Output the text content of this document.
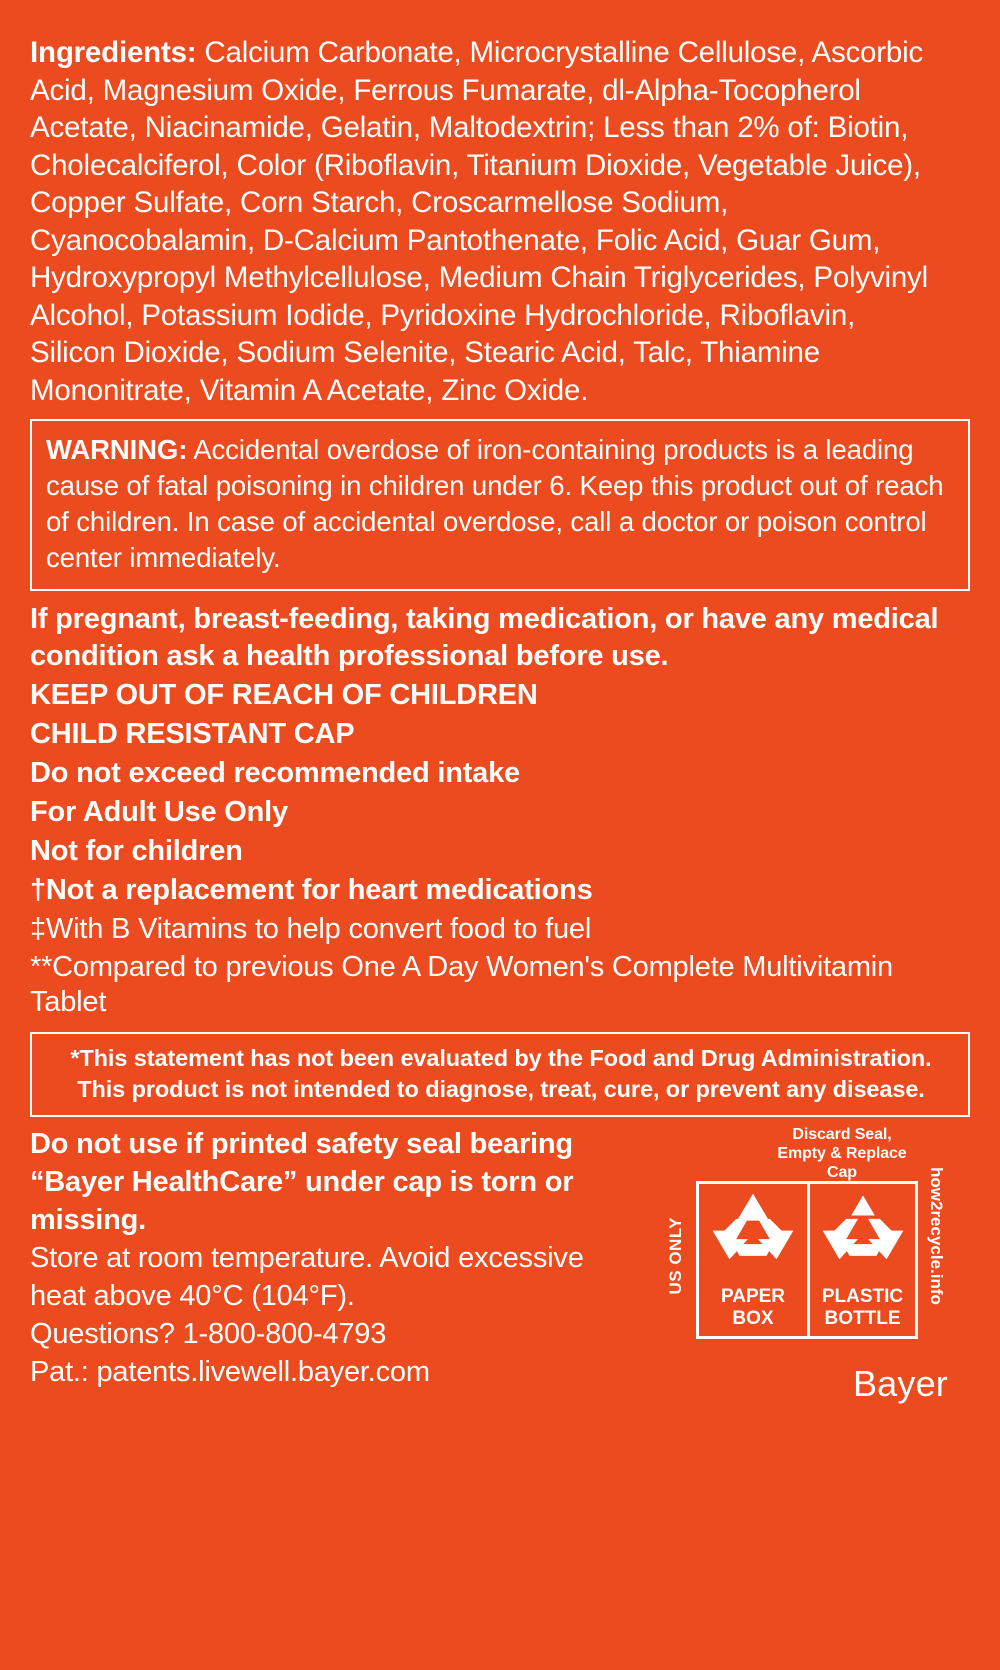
Ingredients: Calcium Carbonate, Microcrystalline Cellulose, Ascorbic Acid, Magnesium Oxide, Ferrous Fumarate, dl-Alpha-Tocopherol Acetate, Niacinamide, Gelatin, Maltodextrin; Less than 2% of: Biotin, Cholecalciferol, Color (Riboflavin, Titanium Dioxide, Vegetable Juice), Copper Sulfate, Corn Starch, Croscarmellose Sodium, Cyanocobalamin, D-Calcium Pantothenate, Folic Acid, Guar Gum, Hydroxypropyl Methylcellulose, Medium Chain Triglycerides, Polyvinyl Alcohol, Potassium Iodide, Pyridoxine Hydrochloride, Riboflavin, Silicon Dioxide, Sodium Selenite, Stearic Acid, Talc, Thiamine Mononitrate, Vitamin A Acetate, Zinc Oxide.

WARNING: Accidental overdose of iron-containing products is a leading cause of fatal poisoning in children under 6. Keep this product out of reach of children. In case of accidental overdose, call a doctor or poison control center immediately.

If pregnant, breast-feeding, taking medication, or have any medical condition ask a health professional before use.

KEEP OUT OF REACH OF CHILDREN

CHILD RESISTANT CAP

Do not exceed recommended intake

For Adult Use Only

Not for children

†Not a replacement for heart medications

‡With B Vitamins to help convert food to fuel

**Compared to previous One A Day Women's Complete Multivitamin Tablet

*This statement has not been evaluated by the Food and Drug Administration.

This product is not intended to diagnose, treat, cure, or prevent any disease.

Do not use if printed safety seal bearing “Bayer HealthCare” under cap is torn or missing.

Store at room temperature. Avoid excessive heat above 40°C (104°F).

Questions? 1-800-800-4793

Pat.: patents.livewell.bayer.com

Discard Seal, Empty & Replace Cap
PAPER
BOX
PLASTIC
BOTTLE
US ONLY	how2recycle.info
Bayer
